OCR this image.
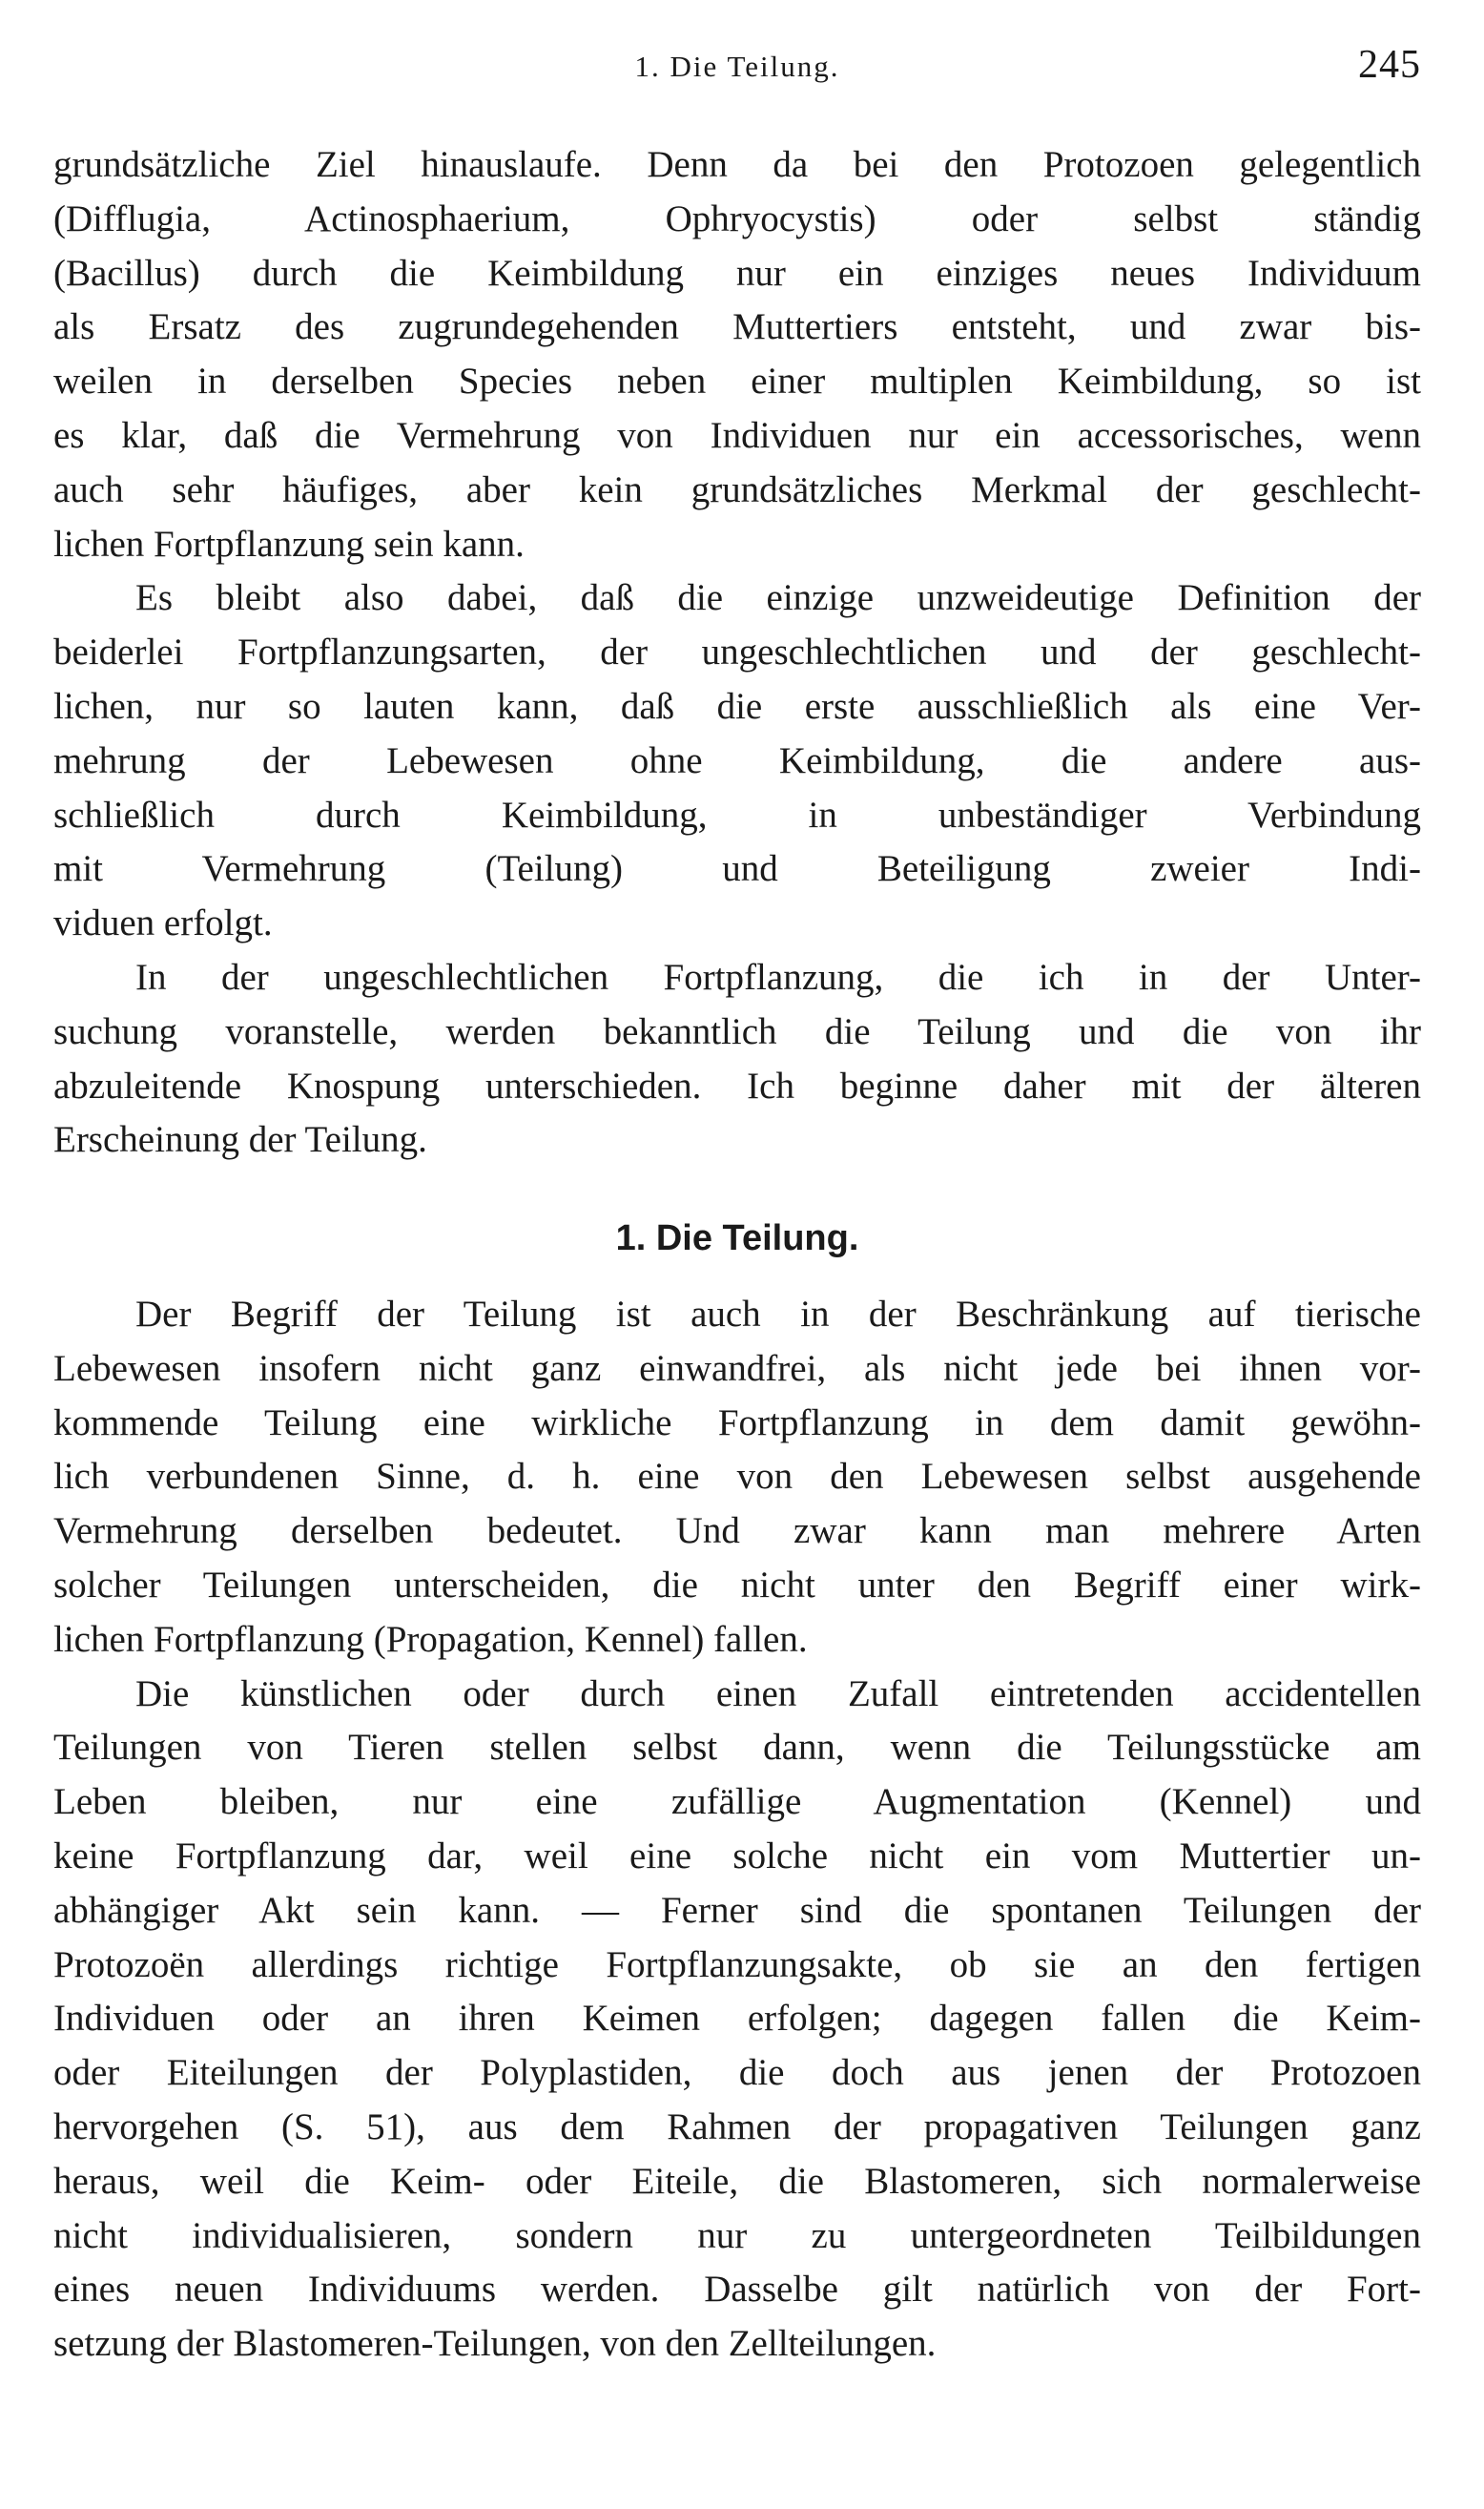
1. Die Teilung.	245
grundsätzliche Ziel hinauslaufe. Denn da bei den Protozoen gelegentlich
(Difflugia, Actinosphaerium, Ophryocystis) oder selbst ständig
(Bacillus) durch die Keimbildung nur ein einziges neues Individuum
als Ersatz des zugrundegehenden Muttertiers entsteht, und zwar bis-
weilen in derselben Species neben einer multiplen Keimbildung, so ist
es klar, daß die Vermehrung von Individuen nur ein accessorisches, wenn
auch sehr häufiges, aber kein grundsätzliches Merkmal der geschlecht-
lichen Fortpflanzung sein kann.
Es bleibt also dabei, daß die einzige unzweideutige Definition der
beiderlei Fortpflanzungsarten, der ungeschlechtlichen und der geschlecht-
lichen, nur so lauten kann, daß die erste ausschließlich als eine Ver-
mehrung der Lebewesen ohne Keimbildung, die andere aus-
schließlich durch Keimbildung, in unbeständiger Verbindung
mit Vermehrung (Teilung) und Beteiligung zweier Indi-
viduen erfolgt.
In der ungeschlechtlichen Fortpflanzung, die ich in der Unter-
suchung voranstelle, werden bekanntlich die Teilung und die von ihr
abzuleitende Knospung unterschieden. Ich beginne daher mit der älteren
Erscheinung der Teilung.
1. Die Teilung.
Der Begriff der Teilung ist auch in der Beschränkung auf tierische
Lebewesen insofern nicht ganz einwandfrei, als nicht jede bei ihnen vor-
kommende Teilung eine wirkliche Fortpflanzung in dem damit gewöhn-
lich verbundenen Sinne, d. h. eine von den Lebewesen selbst ausgehende
Vermehrung derselben bedeutet. Und zwar kann man mehrere Arten
solcher Teilungen unterscheiden, die nicht unter den Begriff einer wirk-
lichen Fortpflanzung (Propagation, Kennel) fallen.
Die künstlichen oder durch einen Zufall eintretenden accidentellen
Teilungen von Tieren stellen selbst dann, wenn die Teilungsstücke am
Leben bleiben, nur eine zufällige Augmentation (Kennel) und
keine Fortpflanzung dar, weil eine solche nicht ein vom Muttertier un-
abhängiger Akt sein kann. — Ferner sind die spontanen Teilungen der
Protozoën allerdings richtige Fortpflanzungsakte, ob sie an den fertigen
Individuen oder an ihren Keimen erfolgen; dagegen fallen die Keim-
oder Eiteilungen der Polyplastiden, die doch aus jenen der Protozoen
hervorgehen (S. 51), aus dem Rahmen der propagativen Teilungen ganz
heraus, weil die Keim- oder Eiteile, die Blastomeren, sich normalerweise
nicht individualisieren, sondern nur zu untergeordneten Teilbildungen
eines neuen Individuums werden. Dasselbe gilt natürlich von der Fort-
setzung der Blastomeren-Teilungen, von den Zellteilungen.
